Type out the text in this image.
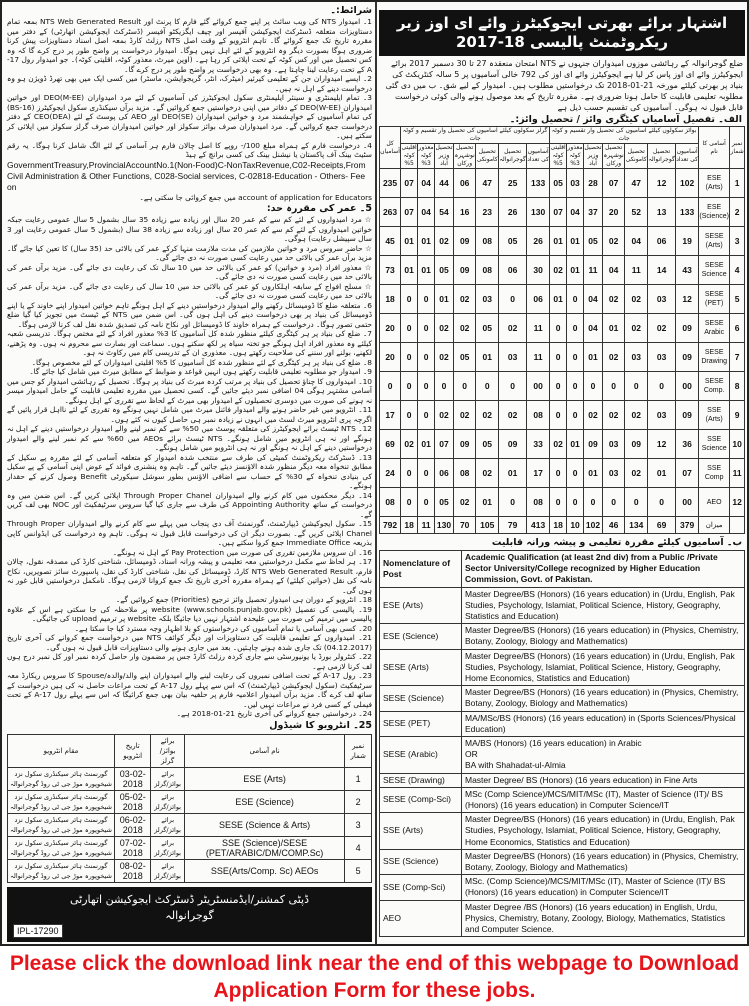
اشتہار برائے بھرتی ایجوکیٹرز وائے ای اوز زیر ریکروٹمنٹ پالیسی 18-2017

ضلع گوجرانوالہ کے رہائشی موزوں امیدواران جنہوں نے NTS امتحان منعقدہ 27 تا 30 دسمبر 2017 برائے ایجوکیٹرز وائے ای اوز پاس کر لیا ہے ایجوکیٹرز وائے ای اوز کی 792 خالی آسامیوں پر 5 سالہ کنٹریکٹ کی بنیاد پر بھرتی کیلئے مورخہ 21-01-2018 تک درخواستیں مطلوب ہیں۔ امیدوار کے لیے شق۔ ب میں دی گئی مطلوبہ تعلیمی قابلیت کا حامل ہونا ضروری ہے۔ مقررہ تاریخ کے بعد موصول ہونے والی کوئی درخواست قابل قبول نہ ہوگی۔ آسامیوں کی تقسیم حسب ذیل ہے

الف۔ تفصیل آسامیاں کیٹگری وائز / تحصیل وائز:۔
کل آسامیاں	گرلز سکولوں کیلئے آسامیوں کی تحصیل وار تقسیم و کوٹہ جات							بوائز سکولوں کیلئے آسامیوں کی تحصیل وار تقسیم و کوٹہ جات							آسامی کا نام	نمبر شمار
	اقلیتی کوٹہ 5%	معذور کوٹہ 3%	تحصیل وزیر آباد	تحصیل نوشہرہ ورکاں	تحصیل کامونکی	تحصیل گوجرانوالہ	آسامیوں کی تعداد	اقلیتی کوٹہ 5%	معذور کوٹہ 3%	تحصیل وزیر آباد	تحصیل نوشہرہ ورکاں	تحصیل کامونکی	تحصیل گوجرانوالہ	آسامیوں کی تعداد		
235	07	04	44	06	47	25	133	05	03	28	07	47	12	102	ESE (Arts)	1
263	07	04	54	16	23	26	130	07	04	37	20	52	13	133	ESE (Science)	2
45	01	01	02	09	08	05	26	01	01	05	02	04	06	19	SESE (Arts)	3
73	01	01	05	09	08	06	30	02	01	11	04	11	14	43	SESE Science	4
18	0	0	01	02	03	0	06	01	0	04	02	02	03	12	SESE (PET)	5
20	0	0	02	02	05	02	11	0	0	04	01	02	02	09	SESE Arabic	6
20	0	0	02	05	01	03	11	0	0	01	02	03	03	09	SESE Drawing	7
0	0	0	0	0	0	0	00	0	0	0	0	0	0	00	SESE Comp.	8
17	0	0	02	02	02	02	08	0	0	02	02	02	03	09	SSE (Arts)	9
69	02	01	07	09	05	09	33	02	01	09	03	09	12	36	SSE Science	10
24	0	0	06	08	02	01	17	0	0	01	03	02	01	07	SSE Comp	11
08	0	0	05	02	01	0	08	0	0	0	0	0	0	00	AEO	12
792	18	11	130	70	105	79	413	18	10	102	46	134	69	379	میزان	
ب۔ آسامیوں کیلئے مقررہ تعلیمی و پیشہ ورانہ قابلیت
Nomenclature of Post	Academic Qualification (at least 2nd div) from a Public /Private Sector University/College recognized by Higher Education Commission, Govt. of Pakistan.
ESE (Arts)	Master Degree/BS (Honors) (16 years education) in (Urdu, English, Pak Studies, Psychology, Islamiat, Political Science, History, Geography, Statistics and Education)
ESE (Science)	Master Degree/BS (Honors) (16 years education) in (Physics, Chemistry, Botany, Zoology, Biology and Mathematics)
SESE (Arts)	Master Degree/BS (Honors) (16 years education) in (Urdu, English, Pak Studies, Psychology, Islamiat, Political Science, History, Geography, Home Economics, Statistics and Education)
SESE (Science)	Master Degree/BS (Honors) (16 years education) in (Physics, Chemistry, Botany, Zoology, Biology and Mathematics)
SESE (PET)	MA/MSc/BS (Honors) (16 years education) in (Sports Sciences/Physical Education)
SESE (Arabic)	MA/BS (Honors) (16 years education) in Arabic
OR
BA with Shahadat-ul-Almia
SESE (Drawing)	Master Degree/ BS (Honors) (16 years education) in Fine Arts
SESE (Comp-Sci)	MSc (Comp Science)/MCS/MIT/MSc (IT), Master of Science (IT)/ BS (Honors) (16 years education) in Computer Science/IT
SSE (Arts)	Master Degree/BS (Honors) (16 years education) in (Urdu, English, Pak Studies, Psychology, Islamiat, Political Science, History, Geography, Home Economics, Statistics and Education)
SSE (Science)	Master Degree/BS (Honors) (16 years education) in (Physics, Chemistry, Botany, Zoology, Biology and Mathematics)
SSE (Comp-Sci)	MSc. (Comp Science)/MCS/MIT/MSc (IT), Master of Science (IT)/ BS (Honors) (16 years education) in Computer Science/IT
AEO	Master Degree /BS (Honors) (16 years education) in English, Urdu, Physics, Chemistry, Botany, Zoology, Biology, Mathematics, Statistics and Computer Science.
شرائط:۔

1۔ امیدوار NTS کی ویب سائٹ پر اپنے جمع کروائے گئے فارم کا پرنٹ اور NTS Web Generated Result بمعہ تمام دستاویزات متعلقہ ڈسٹرکٹ ایجوکیشن آفیسر اور چیف ایگزیکٹو آفیسر (ڈسٹرکٹ ایجوکیشن اتھارٹی) کے دفتر میں مقررہ تاریخ تک جمع کروائے گا۔ تاہم انٹرویو کے وقت اصل NTS رزلٹ کارڈ بمعہ اصل اسناد دستاویزات پیش کرنا ضروری ہوگا بصورت دیگر وہ انٹرویو کے لئے اہل نہیں ہوگا۔ امیدوار درخواست پر واضح طور پر درج کرے گا کہ وہ کس تحصیل میں اور کس کوٹہ کے تحت اپلائی کر رہا ہے۔ (اوپن میرٹ، معذور کوٹہ، اقلیتی کوٹہ)۔ جو امیدوار رول 17-A کے تحت رعایت لینا چاہتا ہے۔ وہ بھی درخواست پر واضح طور پر درج کرے گا۔

2۔ ایسے امیدواران جن کے تعلیمی کیرئیر (میٹرک، انٹر، گریجوایشن، ماسٹر) میں کسی ایک میں بھی تھرڈ ڈویژن ہو وہ درخواست دینے کے اہل نہ ہیں۔

3۔ تمام ایلیمنٹری و سینئر ایلیمنٹری سکول ایجوکیٹرز کی آسامیوں کے لئے مرد امیدواران DEO(M-EE) اور خواتین امیدواران DEO(W-EE) کے دفاتر میں اپنی درخواستیں جمع کروائیں گے۔ مزید برآں سیکنڈری سکول ایجوکیٹرز (BS-16) کی تمام آسامیوں کے خواہشمند مرد و خواتین امیدواران DEO(SE) اور AEO کی پوسٹ کے لئے CEO(DEA) کے دفتر درخواست جمع کروائیں گے۔ مرد امیدواران صرف بوائز سکولز اور خواتین امیدواران صرف گرلز سکولز میں اپلائی کر سکتے ہیں۔

4۔ درخواست فارم کے ہمراہ مبلغ 100/- روپے کا اصل چالان فارم ہر آسامی کے لئے الگ شامل کرنا ہوگا۔ یہ رقم سٹیٹ بینک آف پاکستان یا نیشنل بینک کی کسی برانچ کے ہیڈ

GovernmentTreasury,ProvincialAccountNo.1(Non-Food)C-NonTaxRevenue,C02-Receipts,From Civil Administration & Other Functions, C028-Social services, C-02818-Education - Others- Fee on

account of application for Educators میں جمع کروائی جا سکتی ہے۔

5۔ عمر کی مقررہ حد:

☆ مرد امیدواروں کے لئے کم سے کم عمر 20 سال اور زیادہ سے زیادہ 35 سال بشمول 5 سال عمومی رعایت جبکہ خواتین امیدواروں کے لئے کم سے کم عمر 20 سال اور زیادہ سے زیادہ 38 سال (بشمول 5 سال عمومی رعایت اور 3 سال سپیشل رعایت) ہوگی۔

☆ حاضر سروس مرد و خواتین ملازمین کی مدت ملازمت منہا کرکے عمر کی بالائی حد (35 سال) کا تعین کیا جائے گا۔ مزید برآں عمر کی بالائی حد میں رعایت کسی صورت نہ دی جائے گی۔

☆ معذور افراد (مرد و خواتین) کو عمر کی بالائی حد میں 10 سال تک کی رعایت دی جائے گی۔ مزید برآں عمر کی بالائی حد میں رعایت کسی صورت نہ دی جائے گی۔

☆ مسلح افواج کے سابقہ اہلکاروں کو عمر کی بالائی حد میں 10 سال کی رعایت دی جائے گی۔ مزید برآں عمر کی بالائی حد میں رعایت کسی صورت نہ دی جائے گی۔

6۔ متعلقہ ضلع کا ڈومیسائل رکھنے والے امیدوار درخواستیں دینے کے اہل ہونگے تاہم خواتین امیدوار اپنے خاوند کے یا اپنے ڈومیسائل کی بنیاد پر بھی درخواست دینے کی اہل ہوں گی۔ اس ضمن میں NTS کے ٹیسٹ میں تجویز کیا گیا ضلع حتمی تصور ہوگا۔ درخواست کے ہمراہ خاوند کا ڈومیسائل اور نکاح نامہ کی تصدیق شدہ نقل لف کرنا لازمی ہوگا۔

7۔ ضلع کی بنیاد پر ہر کیٹگری کیلئے منظور شدہ کل آسامیوں کا 3% معذور افراد کے لئے مختص ہوگا۔ تدریسی شعبہ کیلئے وہ معذور افراد اہل ہونگے جو تختہ سیاہ پر لکھ سکتے ہوں۔ سماعت اور بصارت سے محروم نہ ہوں۔ وہ پڑھنے، لکھنے، بولنے اور سننے کی صلاحیت رکھتے ہوں۔ معذوری ان کے تدریسی کام میں رکاوٹ نہ ہو۔

8۔ ضلع کی بنیاد پر ہر کیٹگری کے لئے منظور شدہ کل آسامیوں کا 5% اقلیتی امیدواران کے لئے مخصوص ہوگا۔

9۔ امیدوار جو مطلوبہ تعلیمی قابلیت رکھتے ہوں انہیں قواعد و ضوابط کے مطابق میرٹ میں شامل کیا جائے گا۔

10۔ امیدواروں کا چناؤ تحصیل کی بنیاد پر مرتب کردہ میرٹ کی بنیاد پر ہوگا۔ تحصیل کے رہائشی امیدوار کو جس میں آسامی مشتہر ہوگی 04 اضافی نمبر دیئے جائیں گے۔ کسی تحصیل میں مقررہ تعلیمی قابلیت کے حامل امیدوار میسر نہ ہونے کی صورت میں دوسری تحصیلوں کے امیدوار بھی میرٹ کے لحاظ سے تقرری کے اہل ہونگے۔

11۔ انٹرویو میں غیر حاضر ہونے والے امیدوار فائنل میرٹ میں شامل نہیں ہونگے وہ تقرری کے لئے نااہل قرار پائیں گے اگرچہ پری انٹرویو میرٹ لسٹ میں انہوں نے زیادہ نمبر ہی حاصل کیوں نہ کئے ہوں۔

12۔ NTS ٹیسٹ برائے ایجوکیٹرز کی متعلقہ پوسٹ میں 50% سے کم نمبر لینے والے امیدوار درخواستیں دینے کے اہل نہ ہونگے اور نہ ہی انٹرویو میں شامل ہونگے۔ NTS ٹیسٹ برائے AEOs میں 60% سے کم نمبر لینے والے امیدوار درخواستیں دینے کے اہل نہ ہونگے اور نہ ہی انٹرویو میں شامل ہونگے۔

13۔ ڈسٹرکٹ ریکروٹمنٹ کمیٹی کی طرف سے منتخب شدہ امیدوار کو متعلقہ آسامی کے لئے مقررہ پے سکیل کے مطابق تنخواہ معہ دیگر منظور شدہ الاؤنسز دیئے جائیں گے۔ تاہم وہ پنشنری فوائد کے عوض اپنی آسامی کے پے سکیل کی بنیادی تنخواہ کے 30% کے حساب سے اضافی الاؤنس بطور سوشل سیکورٹی Benefit وصول کرنے کے حقدار ہونگے۔

14۔ دیگر محکموں میں کام کرنے والے امیدواران Through Proper Chanel اپلائی کریں گے۔ اس ضمن میں وہ درخواست کے ساتھ Appointing Authority کی طرف سے جاری کیا گیا سروس سرٹیفکیٹ اور NOC بھی لف کریں گے۔

15۔ سکول ایجوکیشن ڈیپارٹمنٹ، گورنمنٹ آف دی پنجاب میں پہلے سے کام کرنے والے امیدواران Through Proper Chanel اپلائی کریں گے۔ بصورت دیگر ان کی درخواست قابل قبول نہ ہوگی۔ تاہم وہ درخواست کی ایڈوانس کاپی بذریعہ Immediate Office جمع کروا سکتے ہیں۔

16۔ ان سروس ملازمین تقرری کی صورت میں Pay Protection کے اہل نہ ہونگے۔

17۔ ہر لحاظ سے مکمل درخواستیں معہ تعلیمی و پیشہ ورانہ اسناد، ڈومیسائل، شناختی کارڈ کی مصدقہ نقول، چالان فارم، NTS Web Generated Result کارڈ، ڈومیسائل کی نقل، شناختی کارڈ کی نقل، پاسپورٹ سائز تصویریں، نکاح نامہ کی نقل (خواتین کیلئے) کے ہمراہ مقررہ آخری تاریخ تک جمع کروانا لازمی ہوگا۔ نامکمل درخواستیں قابل غور نہ ہوں گی۔

18۔ انٹرویو کے دوران ہی امیدوار تحصیل وائز ترجیح (Priorities) جمع کروائیں گے۔

19۔ پالیسی کی تفصیل website (www.schools.punjab.gov.pk) پر ملاحظہ کی جا سکتی ہے اس کے علاوہ پالیسی میں ترمیم کی صورت میں علیحدہ اشتہار نہیں دیا جائیگا بلکہ website پر ترمیم upload کی جائیگی۔

20۔ کسی بھی آسامی یا تمام آسامیوں کی درخواستوں کو بلا اظہار وجہ مسترد کیا جا سکتا ہے۔

21۔ امیدواروں کے تعلیمی قابلیت کی دستاویزات اور دیگر کوائف NTS میں درخواست جمع کروانے کی آخری تاریخ (04.12.2017) تک جاری شدہ ہونے چاہئیں۔ بعد میں جاری ہونے والی دستاویزات قابل قبول نہ ہوں گی۔

22۔ کنٹرولر بورڈ یا یونیورسٹی سے جاری کردہ رزلٹ کارڈ جس پر مضمون وار حاصل کردہ نمبر اور کل نمبر درج ہوں لف کرنا لازمی ہے۔

23۔ رول 17-A کے تحت اضافی نمبروں کی رعایت لینے والے امیدواران اپنے والد/والدہ/Spouse کا سروس ریکارڈ معہ سرٹیفکیٹ (سکول ایجوکیشن ڈیپارٹمنٹ) کہ اس سے پہلے رول 17-A کے تحت مراعات حاصل نہ کی ہیں درخواست کے ساتھ لف کرے گا۔ مزید برآں امیدوار اعلامیہ فارم پر حلفیہ بیان بھی جمع کرائیگا کہ اس سے پہلے رول 17-A کے تحت فیملی کے کسی فرد نے مراعات نہیں لیں۔

24۔ درخواستیں جمع کروانے کی آخری تاریخ 21-01-2018 ہے۔

25۔ انٹرویو کا شیڈول
مقام انٹرویو	تاریخ انٹرویو	برائے بوائز/گرلز	نام آسامی	نمبر شمار
گورنمنٹ ہائر سیکنڈری سکول نزد شیخوپورہ موڑ جی ٹی روڈ گوجرانوالہ	03-02-2018	برائے بوائز/گرلز	ESE (Arts)	1
گورنمنٹ ہائر سیکنڈری سکول نزد شیخوپورہ موڑ جی ٹی روڈ گوجرانوالہ	05-02-2018	برائے بوائز/گرلز	ESE (Science)	2
گورنمنٹ ہائر سیکنڈری سکول نزد شیخوپورہ موڑ جی ٹی روڈ گوجرانوالہ	06-02-2018	برائے بوائز/گرلز	SESE (Science & Arts)	3
گورنمنٹ ہائر سیکنڈری سکول نزد شیخوپورہ موڑ جی ٹی روڈ گوجرانوالہ	07-02-2018	برائے بوائز/گرلز	SSE (Science)/SESE (PET/ARABIC/DM/COMP.Sc)	4
گورنمنٹ ہائر سیکنڈری سکول نزد شیخوپورہ موڑ جی ٹی روڈ گوجرانوالہ	08-02-2018	برائے بوائز/گرلز	SSE(Arts/Comp. Sc) AEOs	5
ڈپٹی کمشنر/ایڈمنسٹریٹر ڈسٹرکٹ ایجوکیشن اتھارٹی
گوجرانوالہ
IPL-17290
Please click the download link near the end of this webpage to Download Application Form for these jobs.
